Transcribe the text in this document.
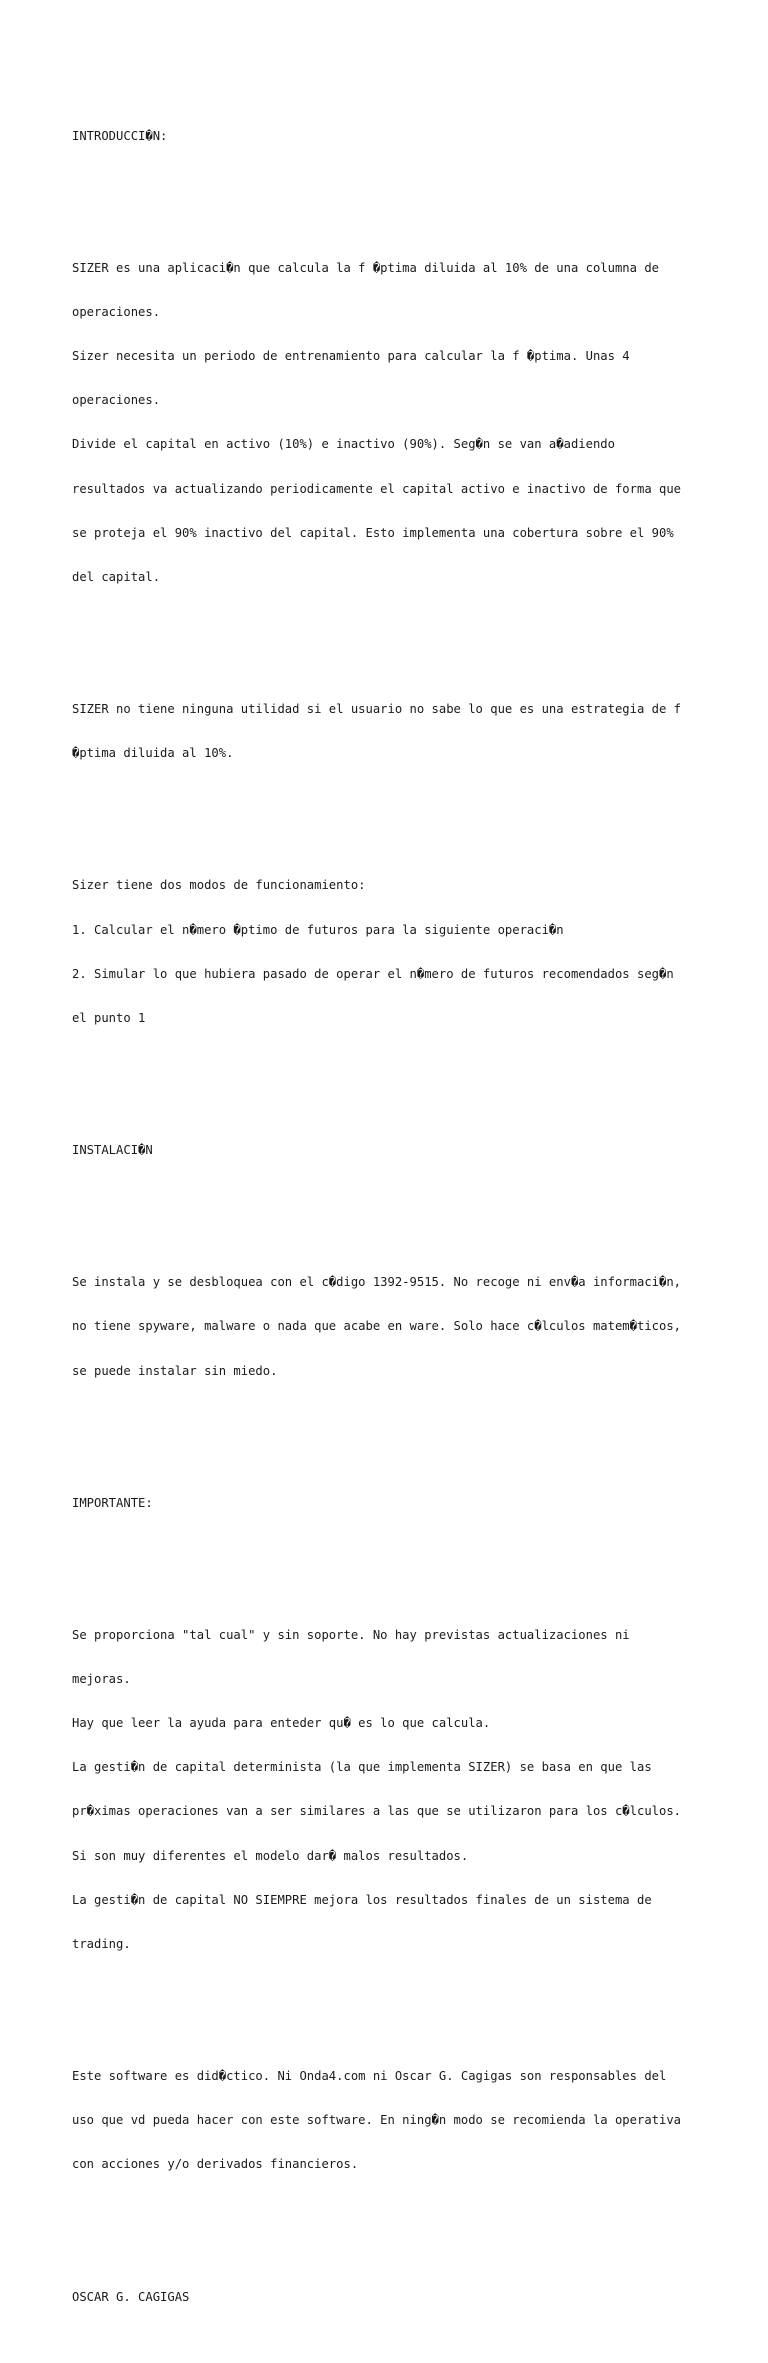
INTRODUCCI�N:

SIZER es una aplicaci�n que calcula la f �ptima diluida al 10% de una columna de

operaciones.

Sizer necesita un periodo de entrenamiento para calcular la f �ptima. Unas 4

operaciones.

Divide el capital en activo (10%) e inactivo (90%). Seg�n se van a�adiendo

resultados va actualizando periodicamente el capital activo e inactivo de forma que

se proteja el 90% inactivo del capital. Esto implementa una cobertura sobre el 90%

del capital.

SIZER no tiene ninguna utilidad si el usuario no sabe lo que es una estrategia de f

�ptima diluida al 10%.

Sizer tiene dos modos de funcionamiento:

1. Calcular el n�mero �ptimo de futuros para la siguiente operaci�n

2. Simular lo que hubiera pasado de operar el n�mero de futuros recomendados seg�n

el punto 1

INSTALACI�N

Se instala y se desbloquea con el c�digo 1392-9515. No recoge ni env�a informaci�n,

no tiene spyware, malware o nada que acabe en ware. Solo hace c�lculos matem�ticos,

se puede instalar sin miedo.

IMPORTANTE:

Se proporciona "tal cual" y sin soporte. No hay previstas actualizaciones ni

mejoras.

Hay que leer la ayuda para enteder qu� es lo que calcula.

La gesti�n de capital determinista (la que implementa SIZER) se basa en que las

pr�ximas operaciones van a ser similares a las que se utilizaron para los c�lculos.

Si son muy diferentes el modelo dar� malos resultados.

La gesti�n de capital NO SIEMPRE mejora los resultados finales de un sistema de

trading.

Este software es did�ctico. Ni Onda4.com ni Oscar G. Cagigas son responsables del

uso que vd pueda hacer con este software. En ning�n modo se recomienda la operativa

con acciones y/o derivados financieros.

OSCAR G. CAGIGAS
